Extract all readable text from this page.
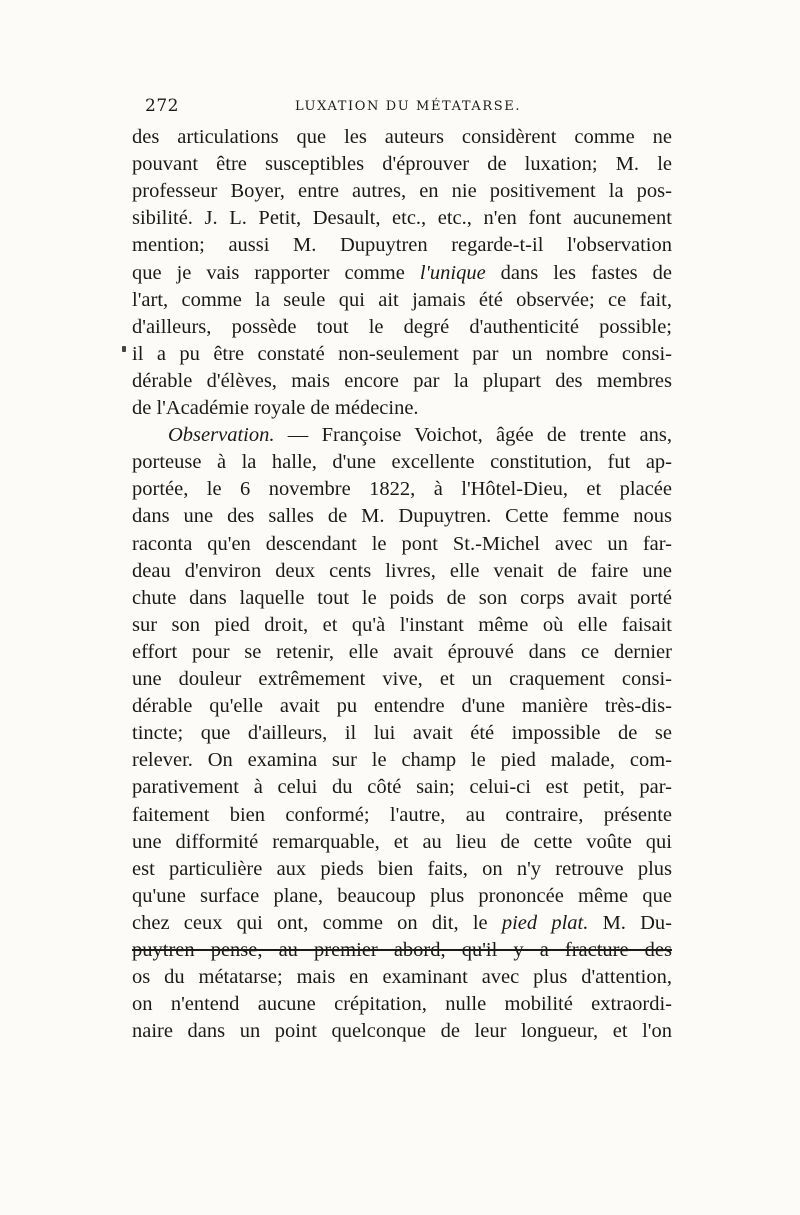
272	LUXATION DU MÉTATARSE.
des articulations que les auteurs considèrent comme ne
pouvant être susceptibles d'éprouver de luxation; M. le
professeur Boyer, entre autres, en nie positivement la pos-
sibilité. J. L. Petit, Desault, etc., etc., n'en font aucunement
mention; aussi M. Dupuytren regarde-t-il l'observation
que je vais rapporter comme l'unique dans les fastes de
l'art, comme la seule qui ait jamais été observée; ce fait,
d'ailleurs, possède tout le degré d'authenticité possible;
il a pu être constaté non-seulement par un nombre consi-
dérable d'élèves, mais encore par la plupart des membres
de l'Académie royale de médecine.
Observation. — Françoise Voichot, âgée de trente ans,
porteuse à la halle, d'une excellente constitution, fut ap-
portée, le 6 novembre 1822, à l'Hôtel-Dieu, et placée
dans une des salles de M. Dupuytren. Cette femme nous
raconta qu'en descendant le pont St.-Michel avec un far-
deau d'environ deux cents livres, elle venait de faire une
chute dans laquelle tout le poids de son corps avait porté
sur son pied droit, et qu'à l'instant même où elle faisait
effort pour se retenir, elle avait éprouvé dans ce dernier
une douleur extrêmement vive, et un craquement consi-
dérable qu'elle avait pu entendre d'une manière très-dis-
tincte; que d'ailleurs, il lui avait été impossible de se
relever. On examina sur le champ le pied malade, com-
parativement à celui du côté sain; celui-ci est petit, par-
faitement bien conformé; l'autre, au contraire, présente
une difformité remarquable, et au lieu de cette voûte qui
est particulière aux pieds bien faits, on n'y retrouve plus
qu'une surface plane, beaucoup plus prononcée même que
chez ceux qui ont, comme on dit, le pied plat. M. Du-
puytren pense, au premier abord, qu'il y a fracture des
os du métatarse; mais en examinant avec plus d'attention,
on n'entend aucune crépitation, nulle mobilité extraordi-
naire dans un point quelconque de leur longueur, et l'on
